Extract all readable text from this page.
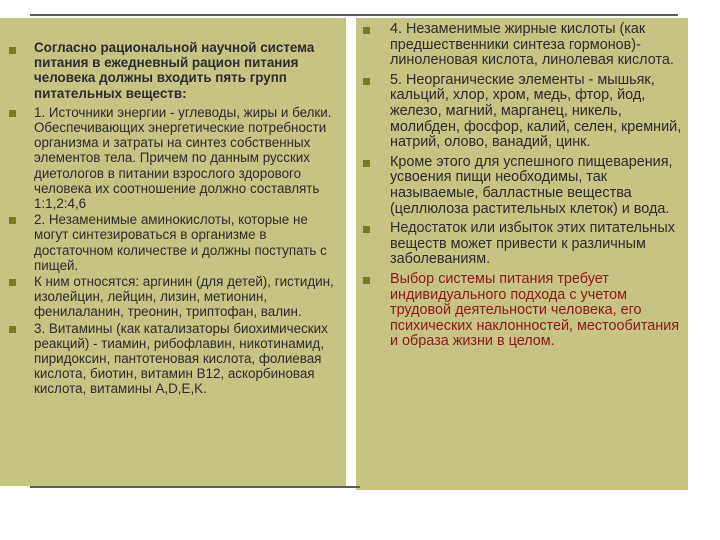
Согласно рациональной научной система питания в ежедневный рацион питания человека должны входить пять групп питательных веществ:
1. Источники энергии - углеводы, жиры и белки. Обеспечивающих энергетические потребности организма и затраты на синтез собственных элементов тела. Причем по данным русских диетологов в питании взрослого здорового человека их соотношение должно составлять 1:1,2:4,6
2. Незаменимые аминокислоты, которые не могут синтезироваться в организме в достаточном количестве и должны поступать с пищей.
К ним относятся: аргинин (для детей), гистидин, изолейцин, лейцин, лизин, метионин, фенилаланин, треонин, триптофан, валин.
3. Витамины (как катализаторы биохимических реакций) - тиамин, рибофлавин, никотинамид, пиридоксин, пантотеновая кислота, фолиевая кислота, биотин, витамин B12, аскорбиновая кислота, витамины A,D,E,K.
4. Незаменимые жирные кислоты (как предшественники синтеза гормонов)- линоленовая кислота, линолевая кислота.
5. Неорганические элементы - мышьяк, кальций, хлор, хром, медь, фтор, йод, железо, магний, марганец, никель, молибден, фосфор, калий, селен, кремний, натрий, олово, ванадий, цинк.
Кроме этого для успешного пищеварения, усвоения пищи необходимы, так называемые, балластные вещества (целлюлоза растительных клеток) и вода.
Недостаток или избыток этих питательных веществ может привести к различным заболеваниям.
Выбор системы питания требует индивидуального подхода с учетом трудовой деятельности человека, его психических наклонностей, местообитания и образа жизни в целом.
